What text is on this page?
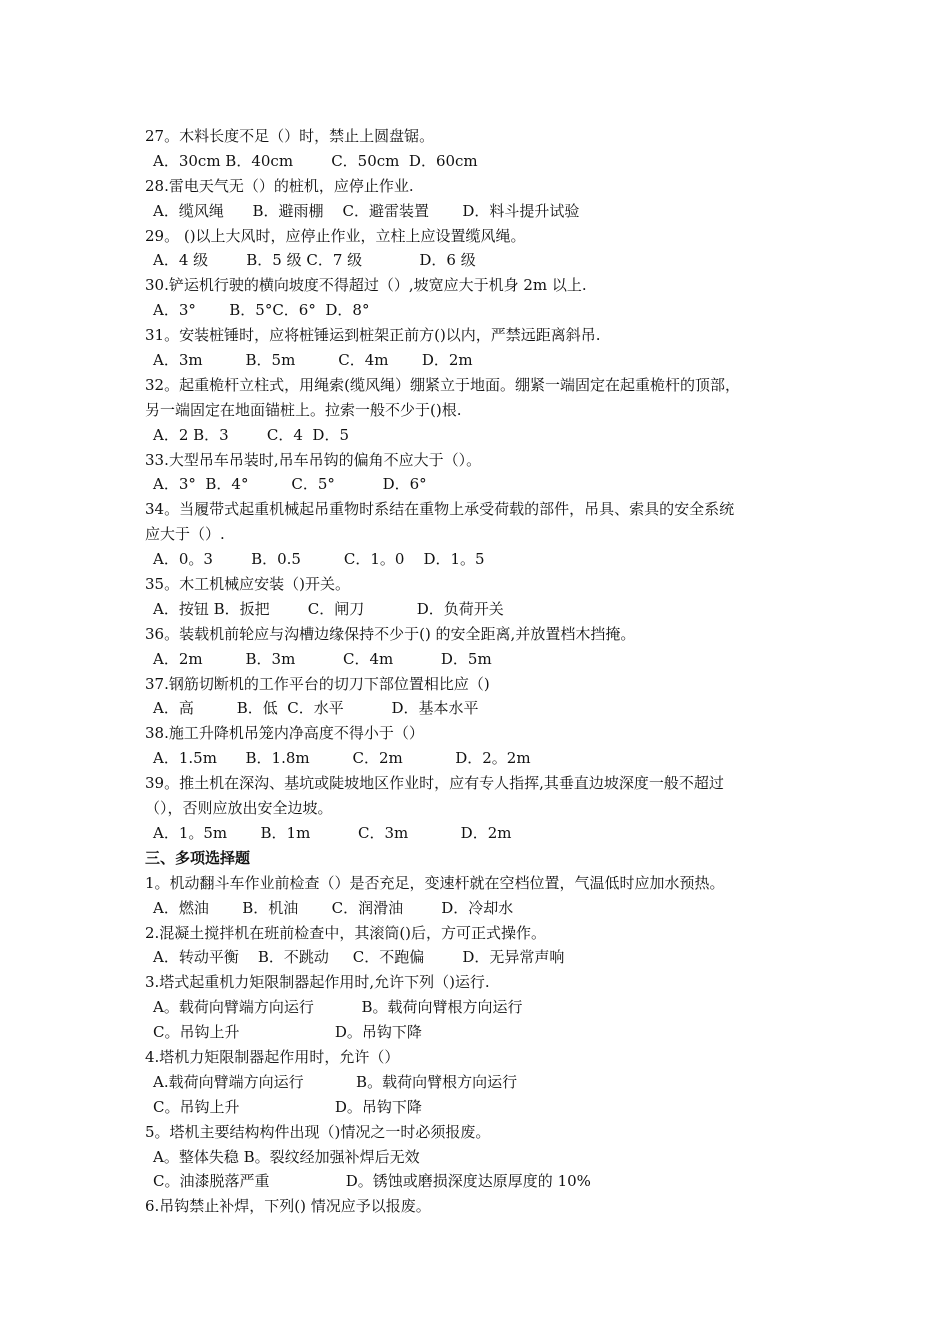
27。木料长度不足（）时，禁止上圆盘锯。
A．30cm B．40cm        C．50cm  D．60cm
28.雷电天气无（）的桩机，应停止作业.
A．缆风绳      B．避雨棚    C．避雷装置       D．料斗提升试验
29。 ()以上大风时，应停止作业，立柱上应设置缆风绳。
A．4 级        B．5 级 C．7 级            D．6 级
30.铲运机行驶的横向坡度不得超过（）,坡宽应大于机身 2m 以上.
A．3°       B．5°C．6°  D．8°
31。安装桩锤时，应将桩锤运到桩架正前方()以内，严禁远距离斜吊.
A．3m         B．5m         C．4m       D．2m
32。起重桅杆立柱式，用绳索(缆风绳）绷紧立于地面。绷紧一端固定在起重桅杆的顶部，
另一端固定在地面锚桩上。拉索一般不少于()根.
A．2 B．3        C．4  D．5
33.大型吊车吊装时,吊车吊钩的偏角不应大于（）。
A．3°  B．4°         C．5°          D．6°
34。当履带式起重机械起吊重物时系结在重物上承受荷载的部件，吊具、索具的安全系统
应大于（）.
A．0。3        B．0.5         C．1。0    D．1。5
35。木工机械应安装（)开关。
A．按钮 B．扳把        C．闸刀           D．负荷开关
36。装载机前轮应与沟槽边缘保持不少于() 的安全距离,并放置档木挡掩。
A．2m         B．3m          C．4m          D．5m
37.钢筋切断机的工作平台的切刀下部位置相比应（)
A．高         B．低  C．水平          D．基本水平
38.施工升降机吊笼内净高度不得小于（）
A．1.5m      B．1.8m         C．2m           D．2。2m
39。推土机在深沟、基坑或陡坡地区作业时，应有专人指挥,其垂直边坡深度一般不超过
（），否则应放出安全边坡。
A．1。5m       B．1m          C．3m           D．2m
三、多项选择题
1。机动翻斗车作业前检查（）是否充足，变速杆就在空档位置，气温低时应加水预热。
A．燃油       B．机油       C．润滑油        D．冷却水
2.混凝土搅拌机在班前检查中，其滚筒()后，方可正式操作。
A．转动平衡    B．不跳动     C．不跑偏        D．无异常声响
3.塔式起重机力矩限制器起作用时,允许下列（)运行.
A。载荷向臂端方向运行          B。载荷向臂根方向运行
C。吊钩上升                    D。吊钩下降
4.塔机力矩限制器起作用时，允许（）
A.载荷向臂端方向运行           B。载荷向臂根方向运行
C。吊钩上升                    D。吊钩下降
5。塔机主要结构构件出现（)情况之一时必须报废。
A。整体失稳 B。裂纹经加强补焊后无效
C。油漆脱落严重                D。锈蚀或磨损深度达原厚度的 10%
6.吊钩禁止补焊，下列() 情况应予以报废。
